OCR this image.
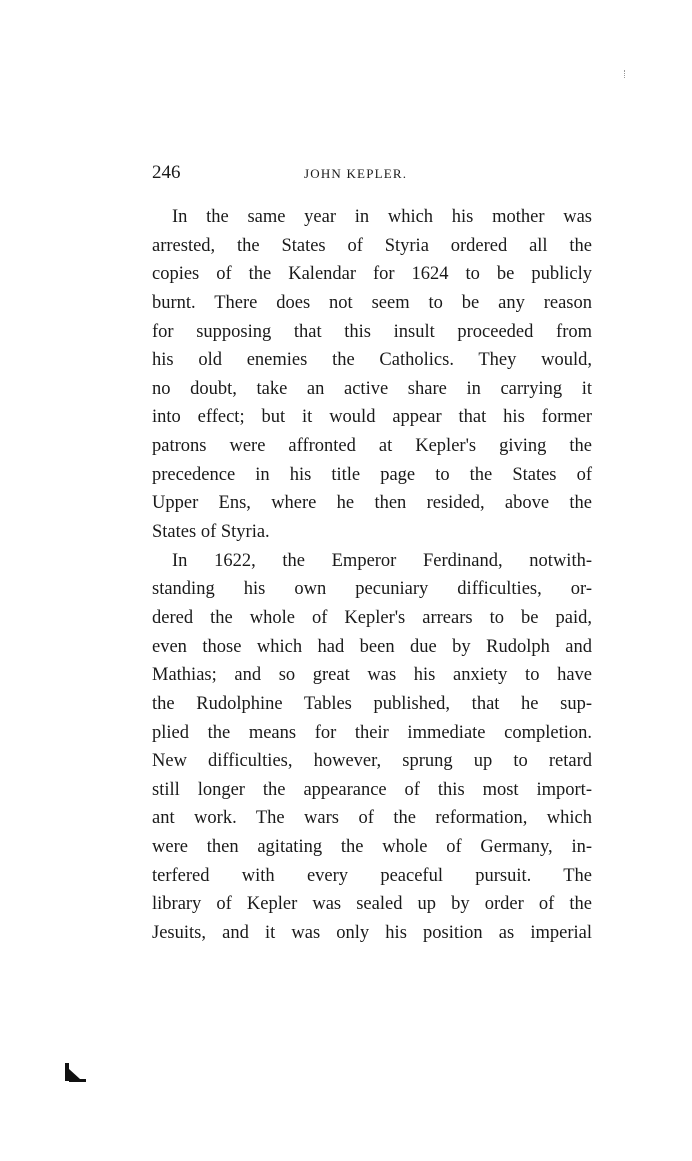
246	JOHN KEPLER.
In the same year in which his mother was
arrested, the States of Styria ordered all the
copies of the Kalendar for 1624 to be publicly
burnt. There does not seem to be any reason
for supposing that this insult proceeded from
his old enemies the Catholics. They would,
no doubt, take an active share in carrying it
into effect; but it would appear that his former
patrons were affronted at Kepler's giving the
precedence in his title page to the States of
Upper Ens, where he then resided, above the
States of Styria.
In 1622, the Emperor Ferdinand, notwith-
standing his own pecuniary difficulties, or-
dered the whole of Kepler's arrears to be paid,
even those which had been due by Rudolph and
Mathias; and so great was his anxiety to have
the Rudolphine Tables published, that he sup-
plied the means for their immediate completion.
New difficulties, however, sprung up to retard
still longer the appearance of this most import-
ant work. The wars of the reformation, which
were then agitating the whole of Germany, in-
terfered with every peaceful pursuit. The
library of Kepler was sealed up by order of the
Jesuits, and it was only his position as imperial
